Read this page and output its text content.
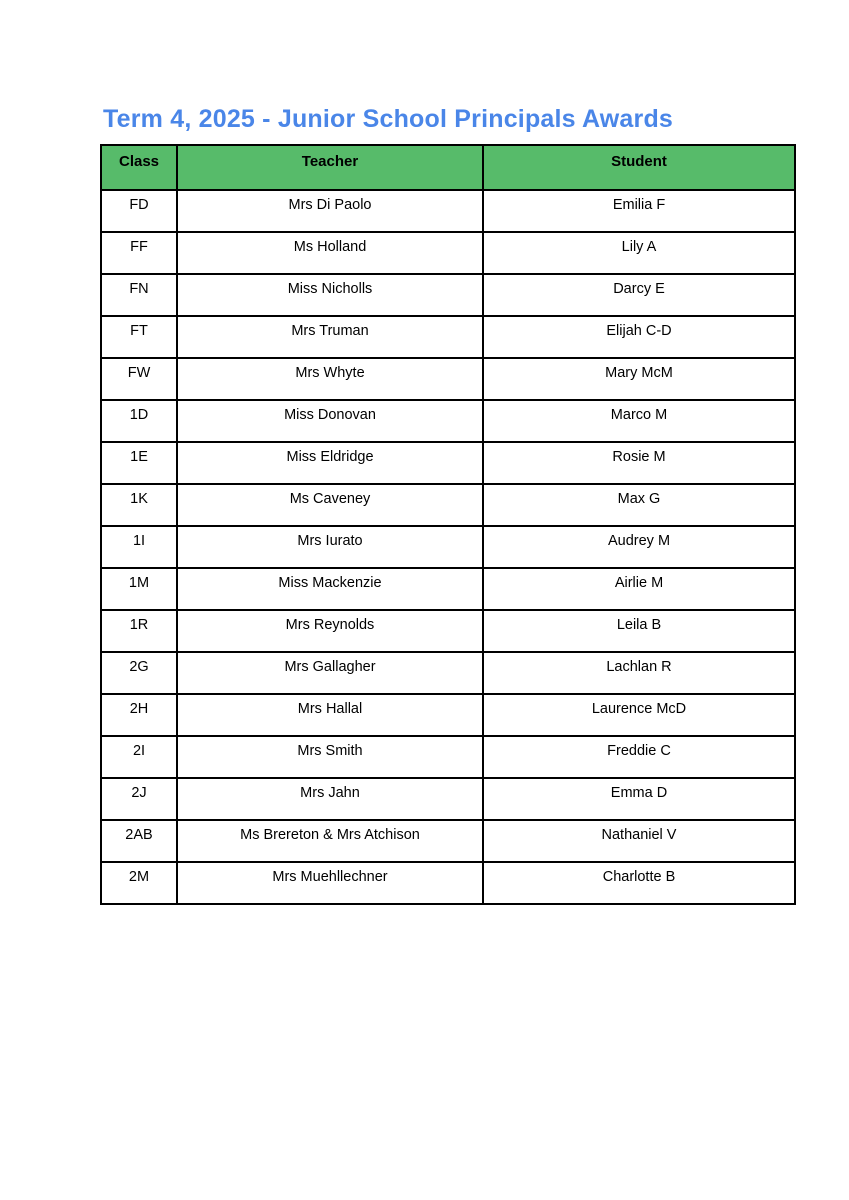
Term 4, 2025 - Junior School Principals Awards
Class	Teacher	Student
FD	Mrs Di Paolo	Emilia F
FF	Ms Holland	Lily A
FN	Miss Nicholls	Darcy E
FT	Mrs Truman	Elijah C-D
FW	Mrs Whyte	Mary McM
1D	Miss Donovan	Marco M
1E	Miss Eldridge	Rosie M
1K	Ms Caveney	Max G
1I	Mrs Iurato	Audrey M
1M	Miss Mackenzie	Airlie M
1R	Mrs Reynolds	Leila B
2G	Mrs Gallagher	Lachlan R
2H	Mrs Hallal	Laurence McD
2I	Mrs Smith	Freddie C
2J	Mrs Jahn	Emma D
2AB	Ms Brereton & Mrs Atchison	Nathaniel V
2M	Mrs Muehllechner	Charlotte B
